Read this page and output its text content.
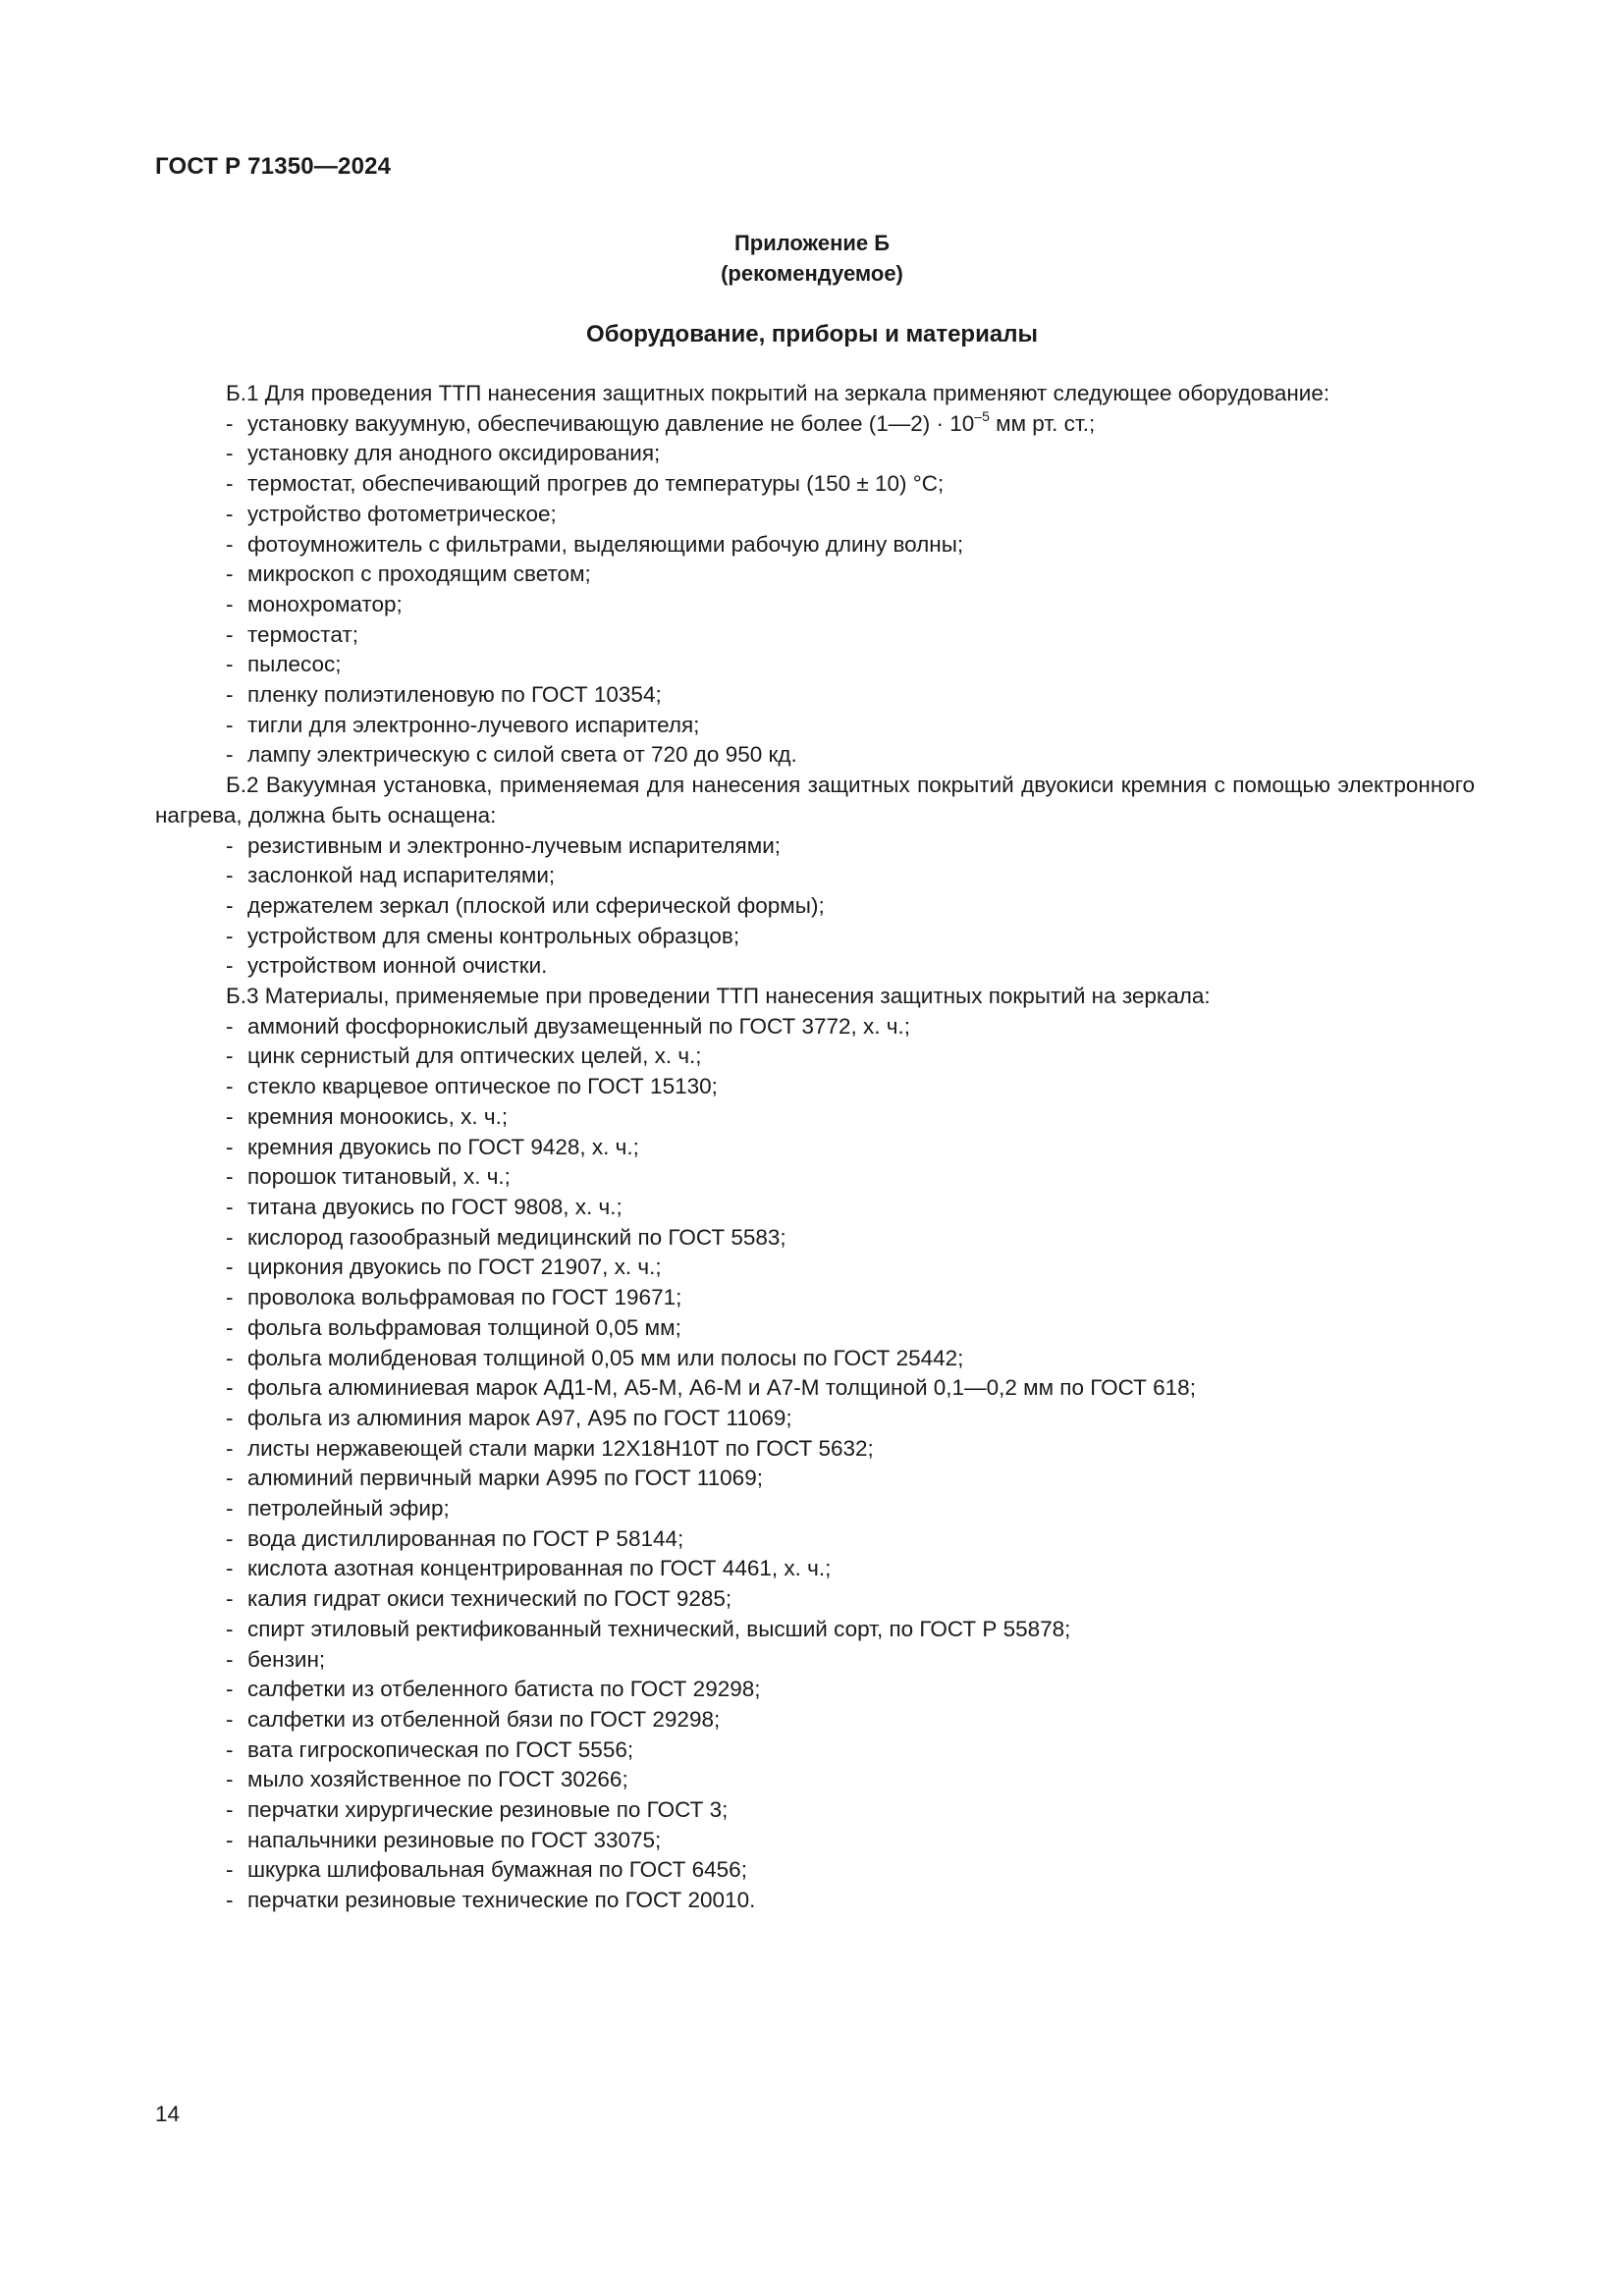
ГОСТ Р 71350—2024
Приложение Б
(рекомендуемое)
Оборудование, приборы и материалы

Б.1 Для проведения ТТП нанесения защитных покрытий на зеркала применяют следующее оборудование:

- установку вакуумную, обеспечивающую давление не более (1—2) · $10^{-5}$ мм рт. ст.;
- установку для анодного оксидирования;
- термостат, обеспечивающий прогрев до температуры (150 ± 10) °С;
- устройство фотометрическое;
- фотоумножитель с фильтрами, выделяющими рабочую длину волны;
- микроскоп с проходящим светом;
- монохроматор;
- термостат;
- пылесос;
- пленку полиэтиленовую по ГОСТ 10354;
- тигли для электронно-лучевого испарителя;
- лампу электрическую с силой света от 720 до 950 кд.

Б.2 Вакуумная установка, применяемая для нанесения защитных покрытий двуокиси кремния с помощью электронного нагрева, должна быть оснащена:

- резистивным и электронно-лучевым испарителями;
- заслонкой над испарителями;
- держателем зеркал (плоской или сферической формы);
- устройством для смены контрольных образцов;
- устройством ионной очистки.

Б.3 Материалы, применяемые при проведении ТТП нанесения защитных покрытий на зеркала:

- аммоний фосфорнокислый двузамещенный по ГОСТ 3772, х. ч.;
- цинк сернистый для оптических целей, х. ч.;
- стекло кварцевое оптическое по ГОСТ 15130;
- кремния моноокись, х. ч.;
- кремния двуокись по ГОСТ 9428, х. ч.;
- порошок титановый, х. ч.;
- титана двуокись по ГОСТ 9808, х. ч.;
- кислород газообразный медицинский по ГОСТ 5583;
- циркония двуокись по ГОСТ 21907, х. ч.;
- проволока вольфрамовая по ГОСТ 19671;
- фольга вольфрамовая толщиной 0,05 мм;
- фольга молибденовая толщиной 0,05 мм или полосы по ГОСТ 25442;
- фольга алюминиевая марок АД1-М, А5-М, А6-М и А7-М толщиной 0,1—0,2 мм по ГОСТ 618;
- фольга из алюминия марок А97, А95 по ГОСТ 11069;
- листы нержавеющей стали марки 12Х18Н10Т по ГОСТ 5632;
- алюминий первичный марки А995 по ГОСТ 11069;
- петролейный эфир;
- вода дистиллированная по ГОСТ Р 58144;
- кислота азотная концентрированная по ГОСТ 4461, х. ч.;
- калия гидрат окиси технический по ГОСТ 9285;
- спирт этиловый ректификованный технический, высший сорт, по ГОСТ Р 55878;
- бензин;
- салфетки из отбеленного батиста по ГОСТ 29298;
- салфетки из отбеленной бязи по ГОСТ 29298;
- вата гигроскопическая по ГОСТ 5556;
- мыло хозяйственное по ГОСТ 30266;
- перчатки хирургические резиновые по ГОСТ 3;
- напальчники резиновые по ГОСТ 33075;
- шкурка шлифовальная бумажная по ГОСТ 6456;
- перчатки резиновые технические по ГОСТ 20010.
14
